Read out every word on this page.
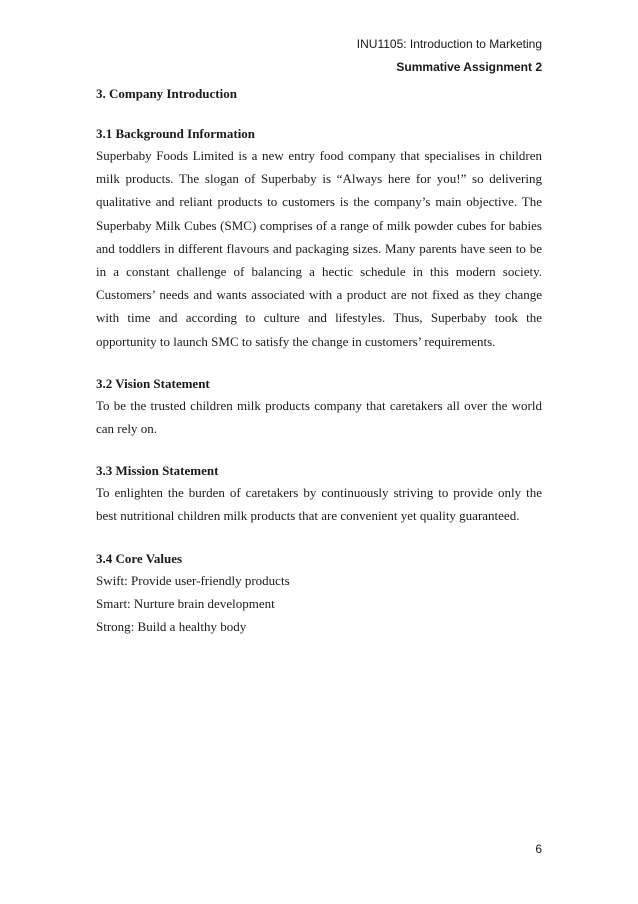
INU1105: Introduction to Marketing
Summative Assignment 2
3. Company Introduction
3.1 Background Information

Superbaby Foods Limited is a new entry food company that specialises in children milk products. The slogan of Superbaby is “Always here for you!” so delivering qualitative and reliant products to customers is the company’s main objective. The Superbaby Milk Cubes (SMC) comprises of a range of milk powder cubes for babies and toddlers in different flavours and packaging sizes. Many parents have seen to be in a constant challenge of balancing a hectic schedule in this modern society. Customers’ needs and wants associated with a product are not fixed as they change with time and according to culture and lifestyles. Thus, Superbaby took the opportunity to launch SMC to satisfy the change in customers’ requirements.

3.2 Vision Statement

To be the trusted children milk products company that caretakers all over the world can rely on.

3.3 Mission Statement

To enlighten the burden of caretakers by continuously striving to provide only the best nutritional children milk products that are convenient yet quality guaranteed.

3.4 Core Values
Swift: Provide user-friendly products
Smart: Nurture brain development
Strong: Build a healthy body
6
